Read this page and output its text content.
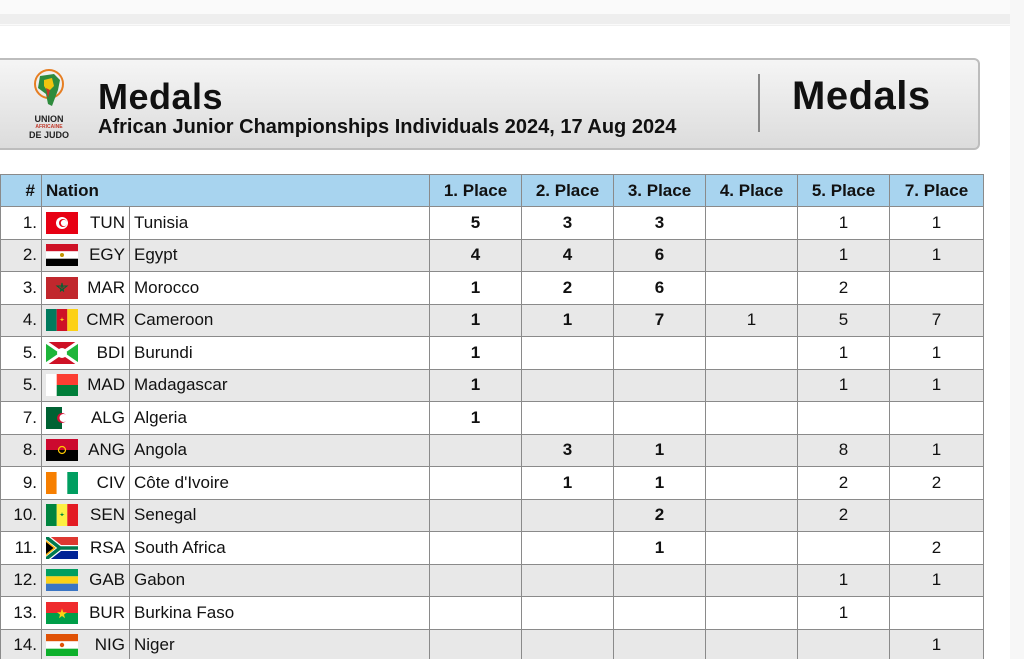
UNION
AFRICAINE
DE JUDO
Medals
African Junior Championships Individuals 2024, 17 Aug 2024
Medals
#	Nation		1. Place	2. Place	3. Place	4. Place	5. Place	7. Place
1.	TUN	Tunisia	5	3	3		1	1
2.	EGY	Egypt	4	4	6		1	1
3.	MAR	Morocco	1	2	6		2	
4.	CMR	Cameroon	1	1	7	1	5	7
5.	BDI	Burundi	1				1	1
5.	MAD	Madagascar	1				1	1
7.	ALG	Algeria	1					
8.	ANG	Angola		3	1		8	1
9.	CIV	Côte d'Ivoire		1	1		2	2
10.	SEN	Senegal			2		2	
11.	RSA	South Africa			1			2
12.	GAB	Gabon					1	1
13.	BUR	Burkina Faso					1	
14.	NIG	Niger						1
